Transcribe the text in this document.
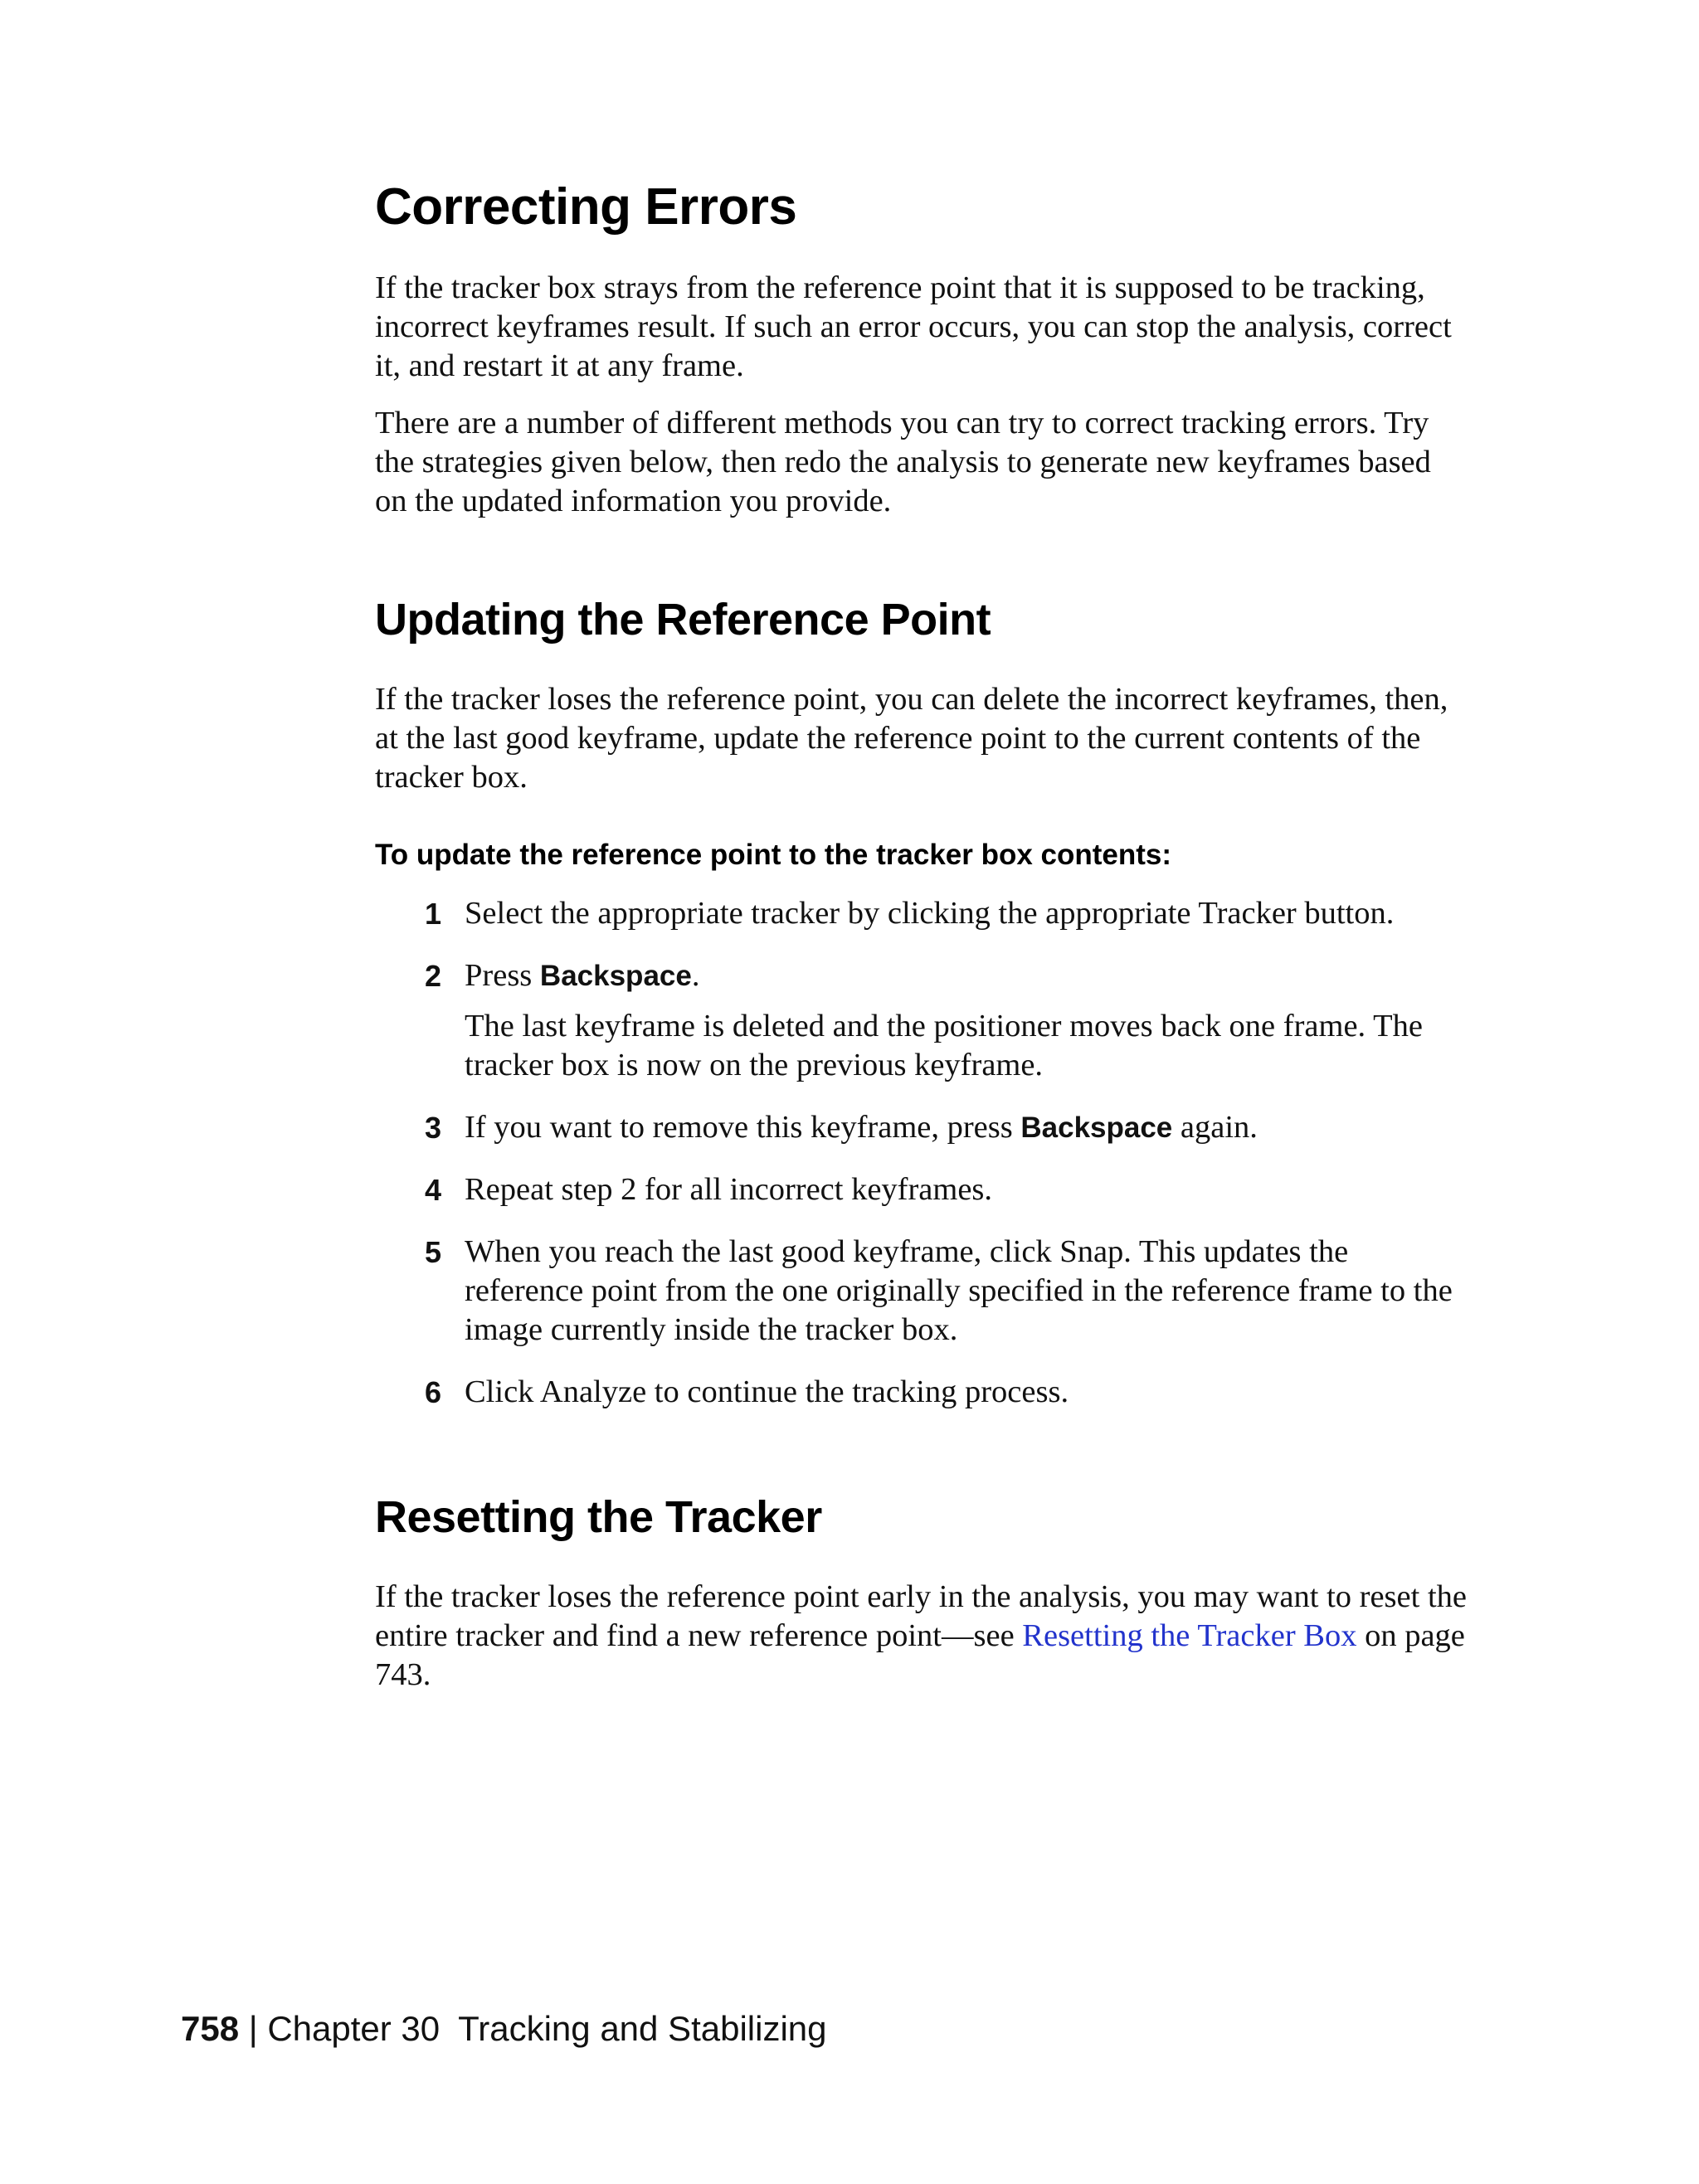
Correcting Errors

If the tracker box strays from the reference point that it is supposed to be tracking, incorrect keyframes result. If such an error occurs, you can stop the analysis, correct it, and restart it at any frame.

There are a number of different methods you can try to correct tracking errors. Try the strategies given below, then redo the analysis to generate new keyframes based on the updated information you provide.

Updating the Reference Point

If the tracker loses the reference point, you can delete the incorrect keyframes, then, at the last good keyframe, update the reference point to the current contents of the tracker box.

To update the reference point to the tracker box contents:
1 Select the appropriate tracker by clicking the appropriate Tracker button.
2 Press Backspace.
The last keyframe is deleted and the positioner moves back one frame. The tracker box is now on the previous keyframe.
3 If you want to remove this keyframe, press Backspace again.
4 Repeat step 2 for all incorrect keyframes.
5 When you reach the last good keyframe, click Snap. This updates the reference point from the one originally specified in the reference frame to the image currently inside the tracker box.
6 Click Analyze to continue the tracking process.
Resetting the Tracker

If the tracker loses the reference point early in the analysis, you may want to reset the entire tracker and find a new reference point—see Resetting the Tracker Box on page 743.

758 | Chapter 30 Tracking and Stabilizing
